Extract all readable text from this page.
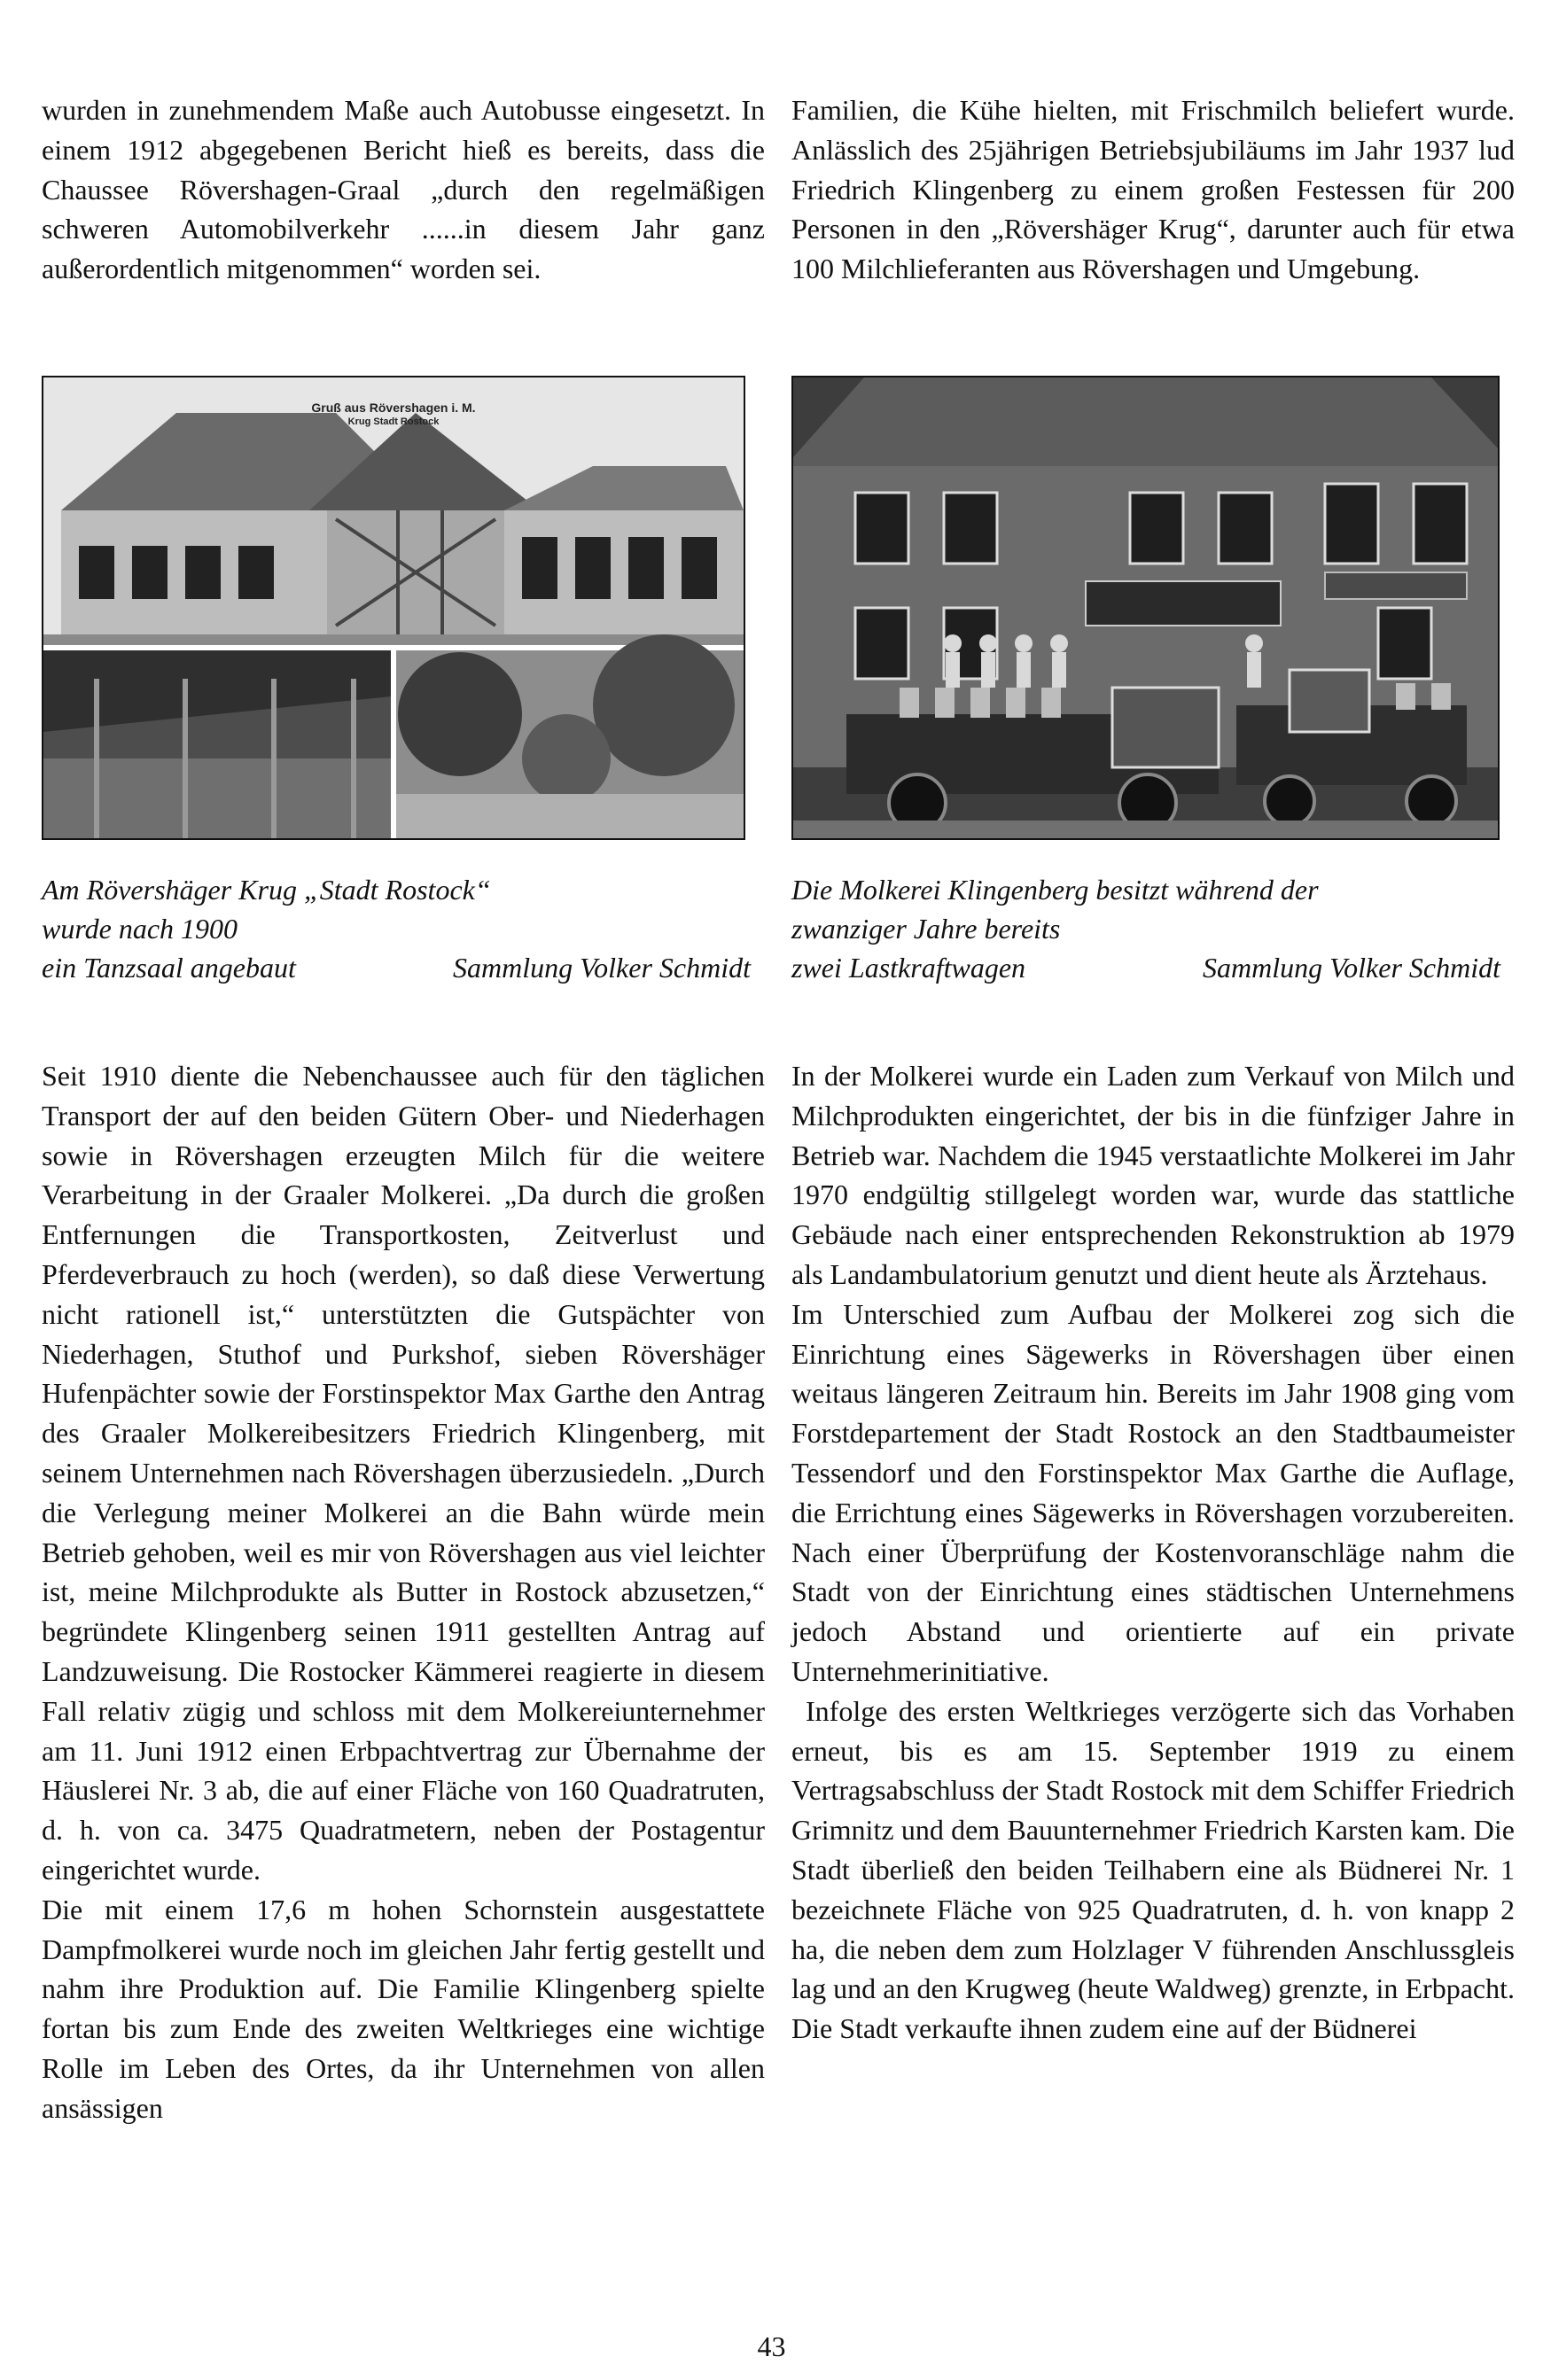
wurden in zunehmendem Maße auch Autobusse eingesetzt. In einem 1912 abgegebenen Bericht hieß es bereits, dass die Chaussee Rövershagen-Graal „durch den regelmäßigen schweren Automobilverkehr ......in diesem Jahr ganz außerordentlich mitgenommen“ worden sei.

Familien, die Kühe hielten, mit Frischmilch beliefert wurde. Anlässlich des 25jährigen Betriebsjubiläums im Jahr 1937 lud Friedrich Klingenberg zu einem großen Festessen für 200 Personen in den „Rövershäger Krug“, darunter auch für etwa 100 Milchlieferanten aus Rövershagen und Umgebung.

Gruß aus Rövershagen i. M.
Krug Stadt Rostock
Am Rövershäger Krug „Stadt Rostock“
wurde nach 1900
ein Tanzsaal angebaut	Sammlung Volker Schmidt
Die Molkerei Klingenberg besitzt während der
zwanziger Jahre bereits
zwei Lastkraftwagen	Sammlung Volker Schmidt

Seit 1910 diente die Nebenchaussee auch für den täglichen Transport der auf den beiden Gütern Ober- und Niederhagen sowie in Rövershagen erzeugten Milch für die weitere Verarbeitung in der Graaler Molkerei. „Da durch die großen Entfernungen die Transportkosten, Zeitverlust und Pferdeverbrauch zu hoch (werden), so daß diese Verwertung nicht rationell ist,“ unterstützten die Gutspächter von Niederhagen, Stuthof und Purkshof, sieben Rövershäger Hufenpächter sowie der Forstinspektor Max Garthe den Antrag des Graaler Molkereibesitzers Friedrich Klingenberg, mit seinem Unternehmen nach Rövershagen überzusiedeln. „Durch die Verlegung meiner Molkerei an die Bahn würde mein Betrieb gehoben, weil es mir von Rövershagen aus viel leichter ist, meine Milchprodukte als Butter in Rostock abzusetzen,“ begründete Klingenberg seinen 1911 gestellten Antrag auf Landzuweisung. Die Rostocker Kämmerei reagierte in diesem Fall relativ zügig und schloss mit dem Molkereiunternehmer am 11. Juni 1912 einen Erbpachtvertrag zur Übernahme der Häuslerei Nr. 3 ab, die auf einer Fläche von 160 Quadratruten, d. h. von ca. 3475 Quadratmetern, neben der Postagentur eingerichtet wurde.

Die mit einem 17,6 m hohen Schornstein ausgestattete Dampfmolkerei wurde noch im gleichen Jahr fertig gestellt und nahm ihre Produktion auf. Die Familie Klingenberg spielte fortan bis zum Ende des zweiten Weltkrieges eine wichtige Rolle im Leben des Ortes, da ihr Unternehmen von allen ansässigen

In der Molkerei wurde ein Laden zum Verkauf von Milch und Milchprodukten eingerichtet, der bis in die fünfziger Jahre in Betrieb war. Nachdem die 1945 verstaatlichte Molkerei im Jahr 1970 endgültig stillgelegt worden war, wurde das stattliche Gebäude nach einer entsprechenden Rekonstruktion ab 1979 als Landambulatorium genutzt und dient heute als Ärztehaus.

Im Unterschied zum Aufbau der Molkerei zog sich die Einrichtung eines Sägewerks in Rövershagen über einen weitaus längeren Zeitraum hin. Bereits im Jahr 1908 ging vom Forstdepartement der Stadt Rostock an den Stadtbaumeister Tessendorf und den Forstinspektor Max Garthe die Auflage, die Errichtung eines Sägewerks in Rövershagen vorzubereiten. Nach einer Überprüfung der Kostenvoranschläge nahm die Stadt von der Einrichtung eines städtischen Unternehmens jedoch Abstand und orientierte auf ein private Unternehmerinitiative.

Infolge des ersten Weltkrieges verzögerte sich das Vorhaben erneut, bis es am 15. September 1919 zu einem Vertragsabschluss der Stadt Rostock mit dem Schiffer Friedrich Grimnitz und dem Bauunternehmer Friedrich Karsten kam. Die Stadt überließ den beiden Teilhabern eine als Büdnerei Nr. 1 bezeichnete Fläche von 925 Quadratruten, d. h. von knapp 2 ha, die neben dem zum Holzlager V führenden Anschlussgleis lag und an den Krugweg (heute Waldweg) grenzte, in Erbpacht. Die Stadt verkaufte ihnen zudem eine auf der Büdnerei

43
